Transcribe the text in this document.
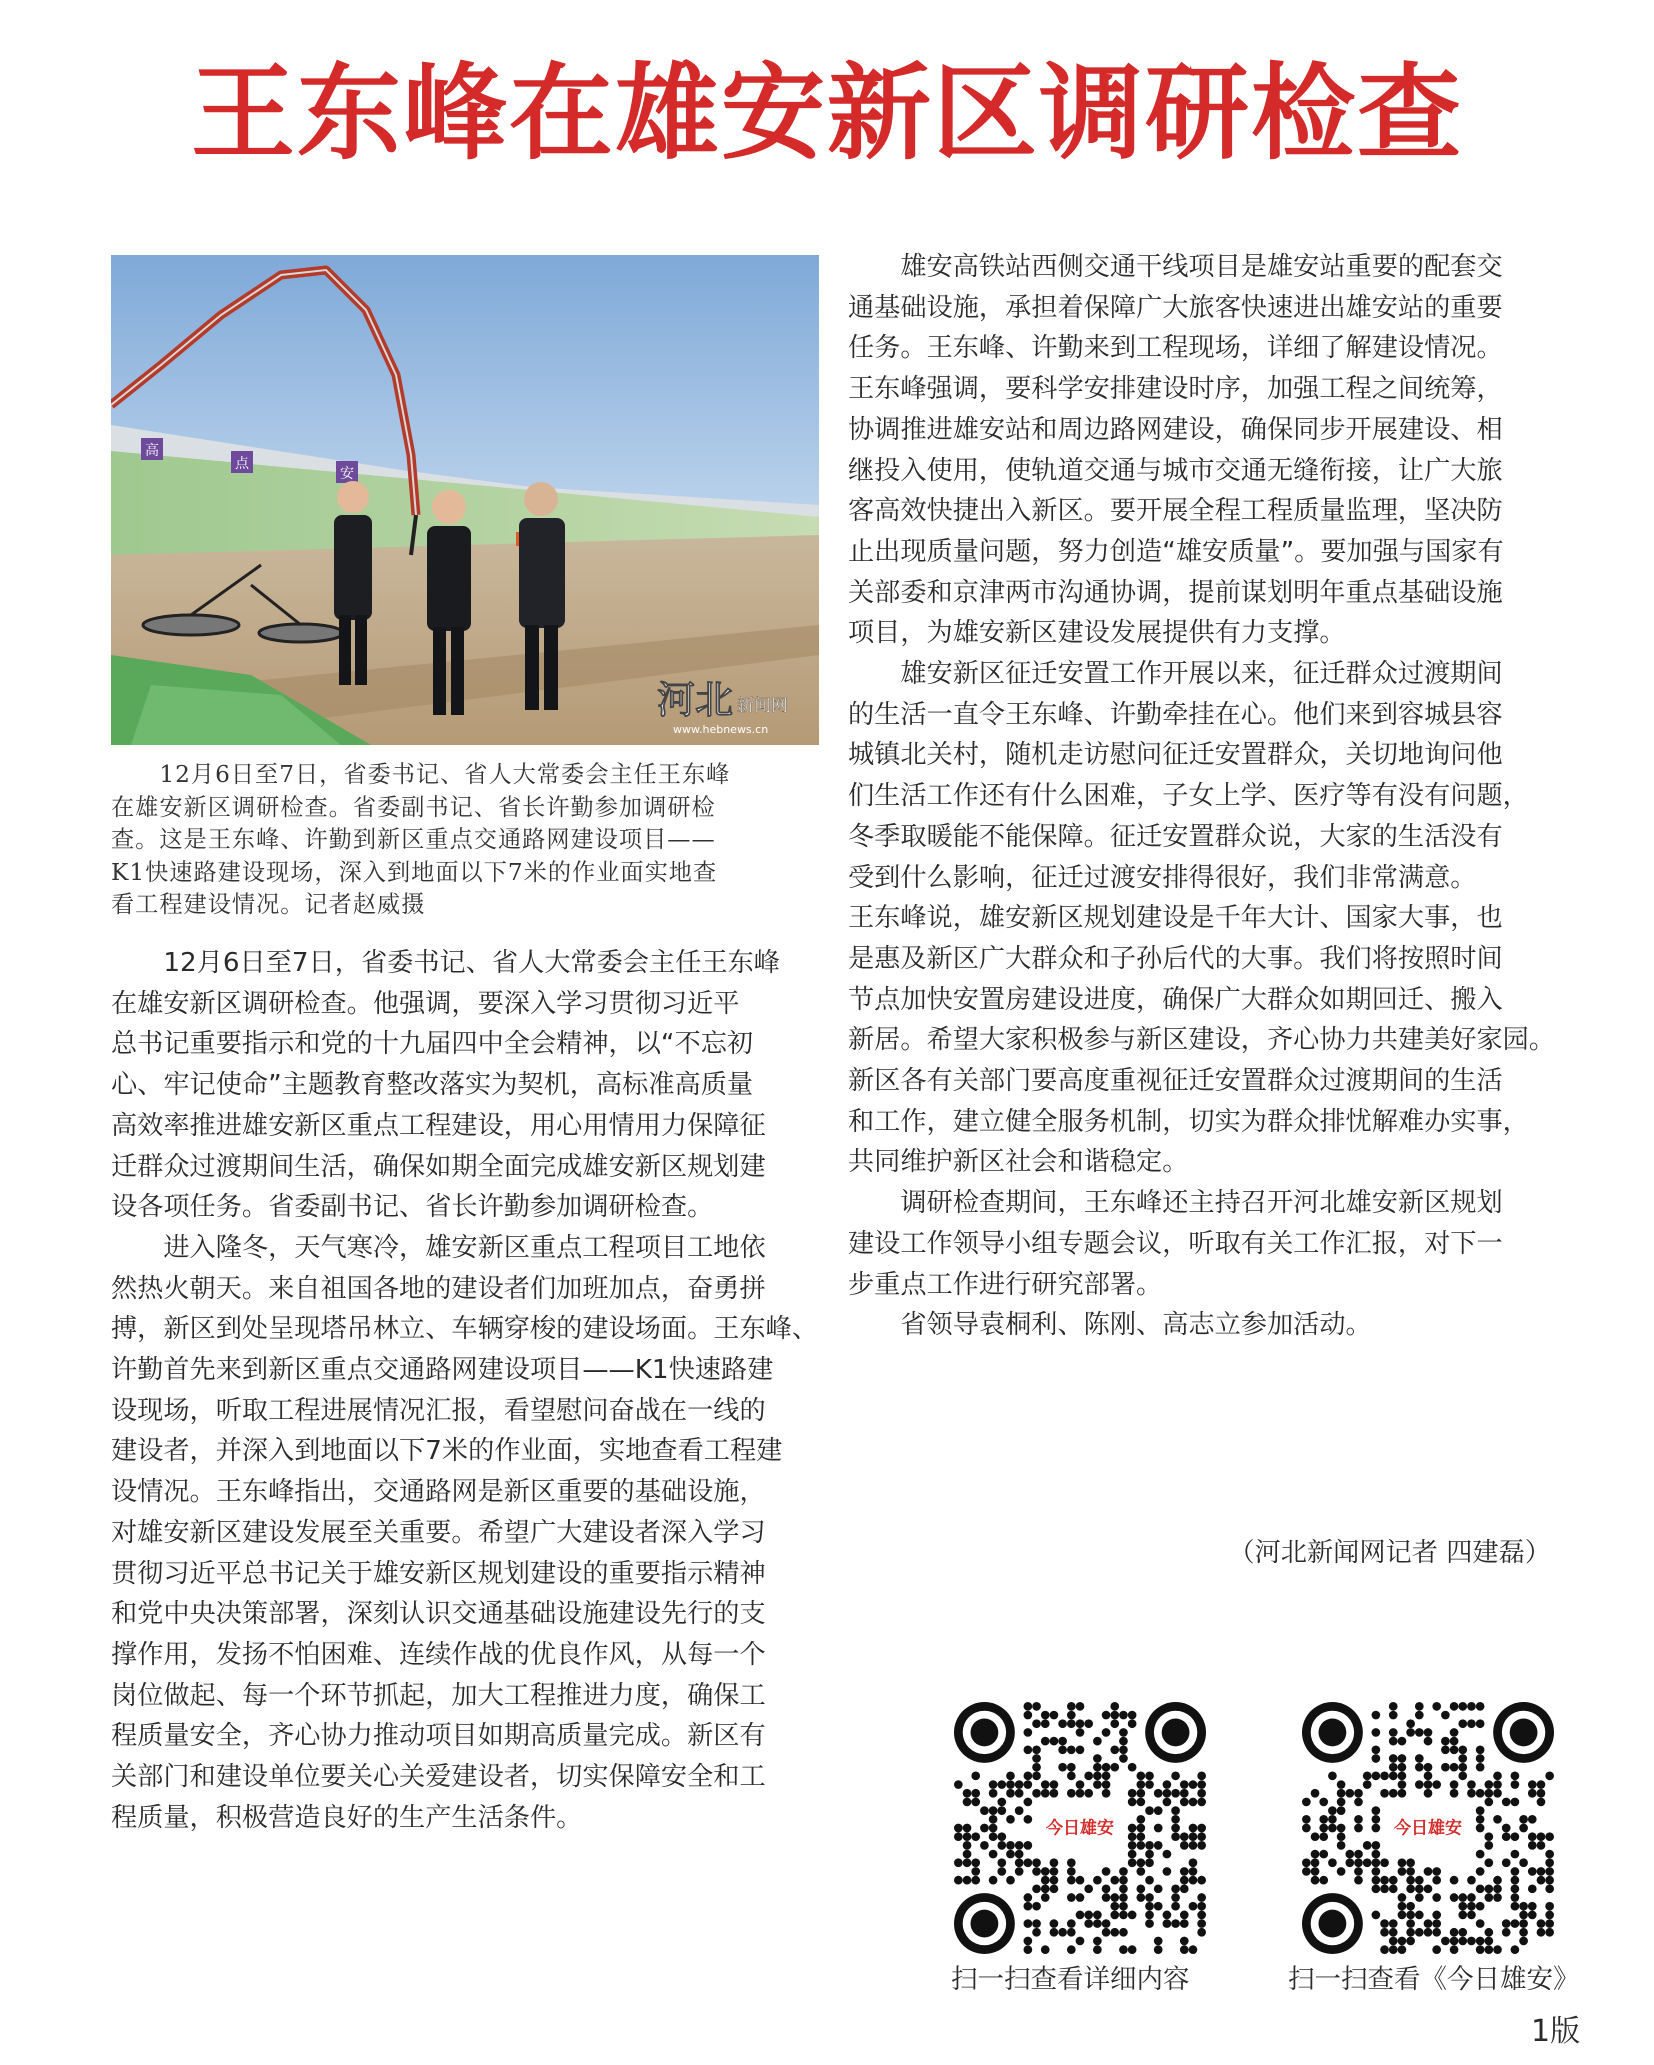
王东峰在雄安新区调研检查
高
点
安
河北 新闻网
www.hebnews.cn
　　12月6日至7日，省委书记、省人大常委会主任王东峰
在雄安新区调研检查。省委副书记、省长许勤参加调研检
查。这是王东峰、许勤到新区重点交通路网建设项目——
K1快速路建设现场，深入到地面以下7米的作业面实地查
看工程建设情况。记者赵威摄
　　12月6日至7日，省委书记、省人大常委会主任王东峰
在雄安新区调研检查。他强调，要深入学习贯彻习近平
总书记重要指示和党的十九届四中全会精神，以“不忘初
心、牢记使命”主题教育整改落实为契机，高标准高质量
高效率推进雄安新区重点工程建设，用心用情用力保障征
迁群众过渡期间生活，确保如期全面完成雄安新区规划建
设各项任务。省委副书记、省长许勤参加调研检查。
　　进入隆冬，天气寒冷，雄安新区重点工程项目工地依
然热火朝天。来自祖国各地的建设者们加班加点，奋勇拼
搏，新区到处呈现塔吊林立、车辆穿梭的建设场面。王东峰、
许勤首先来到新区重点交通路网建设项目——K1快速路建
设现场，听取工程进展情况汇报，看望慰问奋战在一线的
建设者，并深入到地面以下7米的作业面，实地查看工程建
设情况。王东峰指出，交通路网是新区重要的基础设施，
对雄安新区建设发展至关重要。希望广大建设者深入学习
贯彻习近平总书记关于雄安新区规划建设的重要指示精神
和党中央决策部署，深刻认识交通基础设施建设先行的支
撑作用，发扬不怕困难、连续作战的优良作风，从每一个
岗位做起、每一个环节抓起，加大工程推进力度，确保工
程质量安全，齐心协力推动项目如期高质量完成。新区有
关部门和建设单位要关心关爱建设者，切实保障安全和工
程质量，积极营造良好的生产生活条件。
　　雄安高铁站西侧交通干线项目是雄安站重要的配套交
通基础设施，承担着保障广大旅客快速进出雄安站的重要
任务。王东峰、许勤来到工程现场，详细了解建设情况。
王东峰强调，要科学安排建设时序，加强工程之间统筹，
协调推进雄安站和周边路网建设，确保同步开展建设、相
继投入使用，使轨道交通与城市交通无缝衔接，让广大旅
客高效快捷出入新区。要开展全程工程质量监理，坚决防
止出现质量问题，努力创造“雄安质量”。要加强与国家有
关部委和京津两市沟通协调，提前谋划明年重点基础设施
项目，为雄安新区建设发展提供有力支撑。
　　雄安新区征迁安置工作开展以来，征迁群众过渡期间
的生活一直令王东峰、许勤牵挂在心。他们来到容城县容
城镇北关村，随机走访慰问征迁安置群众，关切地询问他
们生活工作还有什么困难，子女上学、医疗等有没有问题，
冬季取暖能不能保障。征迁安置群众说，大家的生活没有
受到什么影响，征迁过渡安排得很好，我们非常满意。
王东峰说，雄安新区规划建设是千年大计、国家大事，也
是惠及新区广大群众和子孙后代的大事。我们将按照时间
节点加快安置房建设进度，确保广大群众如期回迁、搬入
新居。希望大家积极参与新区建设，齐心协力共建美好家园。
新区各有关部门要高度重视征迁安置群众过渡期间的生活
和工作，建立健全服务机制，切实为群众排忧解难办实事，
共同维护新区社会和谐稳定。
　　调研检查期间，王东峰还主持召开河北雄安新区规划
建设工作领导小组专题会议，听取有关工作汇报，对下一
步重点工作进行研究部署。
　　省领导袁桐利、陈刚、高志立参加活动。
（河北新闻网记者 四建磊）
今日雄安	今日雄安
扫一扫查看详细内容	扫一扫查看《今日雄安》
1版
